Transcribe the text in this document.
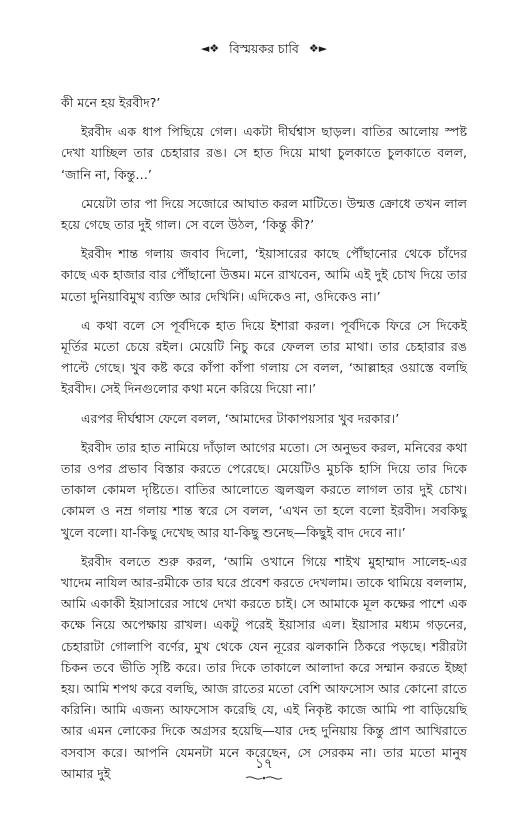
◄❖ বিস্ময়কর চাবি ❖►

কী মনে হয় ইরবীদ?’

ইরবীদ এক ধাপ পিছিয়ে গেল। একটা দীর্ঘশ্বাস ছাড়ল। বাতির আলোয় স্পষ্ট দেখা যাচ্ছিল তার চেহারার রঙ। সে হাত দিয়ে মাথা চুলকাতে চুলকাতে বলল, ‘জানি না, কিন্তু…’

মেয়েটা তার পা দিয়ে সজোরে আঘাত করল মাটিতে। উন্মত্ত ক্রোধে তখন লাল হয়ে গেছে তার দুই গাল। সে বলে উঠল, ‘কিন্তু কী?’

ইরবীদ শান্ত গলায় জবাব দিলো, ‘ইয়াসারের কাছে পৌঁছানোর থেকে চাঁদের কাছে এক হাজার বার পৌঁছানো উত্তম। মনে রাখবেন, আমি এই দুই চোখ দিয়ে তার মতো দুনিয়াবিমুখ ব্যক্তি আর দেখিনি। এদিকেও না, ওদিকেও না।’

এ কথা বলে সে পূর্বদিকে হাত দিয়ে ইশারা করল। পূর্বদিকে ফিরে সে দিকেই মূর্তির মতো চেয়ে রইল। মেয়েটি নিচু করে ফেলল তার মাথা। তার চেহারার রঙ পাল্টে গেছে। খুব কষ্ট করে কাঁপা কাঁপা গলায় সে বলল, ‘আল্লাহর ওয়াস্তে বলছি ইরবীদ। সেই দিনগুলোর কথা মনে করিয়ে দিয়ো না।’

এরপর দীর্ঘশ্বাস ফেলে বলল, ‘আমাদের টাকাপয়সার খুব দরকার।’

ইরবীদ তার হাত নামিয়ে দাঁড়াল আগের মতো। সে অনুভব করল, মনিবের কথা তার ওপর প্রভাব বিস্তার করতে পেরেছে। মেয়েটিও মুচকি হাসি দিয়ে তার দিকে তাকাল কোমল দৃষ্টিতে। বাতির আলোতে জ্বলজ্বল করতে লাগল তার দুই চোখ। কোমল ও নম্র গলায় শান্ত স্বরে সে বলল, ‘এখন তা হলে বলো ইরবীদ। সবকিছু খুলে বলো। যা-কিছু দেখেছ আর যা-কিছু শুনেছ—কিছুই বাদ দেবে না।’

ইরবীদ বলতে শুরু করল, ‘আমি ওখানে গিয়ে শাইখ মুহাম্মাদ সালেহ-এর খাদেম নাযিল আর-রমীকে তার ঘরে প্রবেশ করতে দেখলাম। তাকে থামিয়ে বললাম, আমি একাকী ইয়াসারের সাথে দেখা করতে চাই। সে আমাকে মূল কক্ষের পাশে এক কক্ষে নিয়ে অপেক্ষায় রাখল। একটু পরেই ইয়াসার এল। ইয়াসার মধ্যম গড়নের, চেহারাটা গোলাপি বর্ণের, মুখ থেকে যেন নূরের ঝলকানি ঠিকরে পড়ছে। শরীরটা চিকন তবে ভীতি সৃষ্টি করে। তার দিকে তাকালে আলাদা করে সম্মান করতে ইচ্ছা হয়। আমি শপথ করে বলছি, আজ রাতের মতো বেশি আফসোস আর কোনো রাতে করিনি। আমি এজন্য আফসোস করেছি যে, এই নিকৃষ্ট কাজে আমি পা বাড়িয়েছি আর এমন লোকের দিকে অগ্রসর হয়েছি—যার দেহ দুনিয়ায় কিন্তু প্রাণ আখিরাতে বসবাস করে। আপনি যেমনটা মনে করেছেন, সে সেরকম না। তার মতো মানুষ আমার দুই

১৭
